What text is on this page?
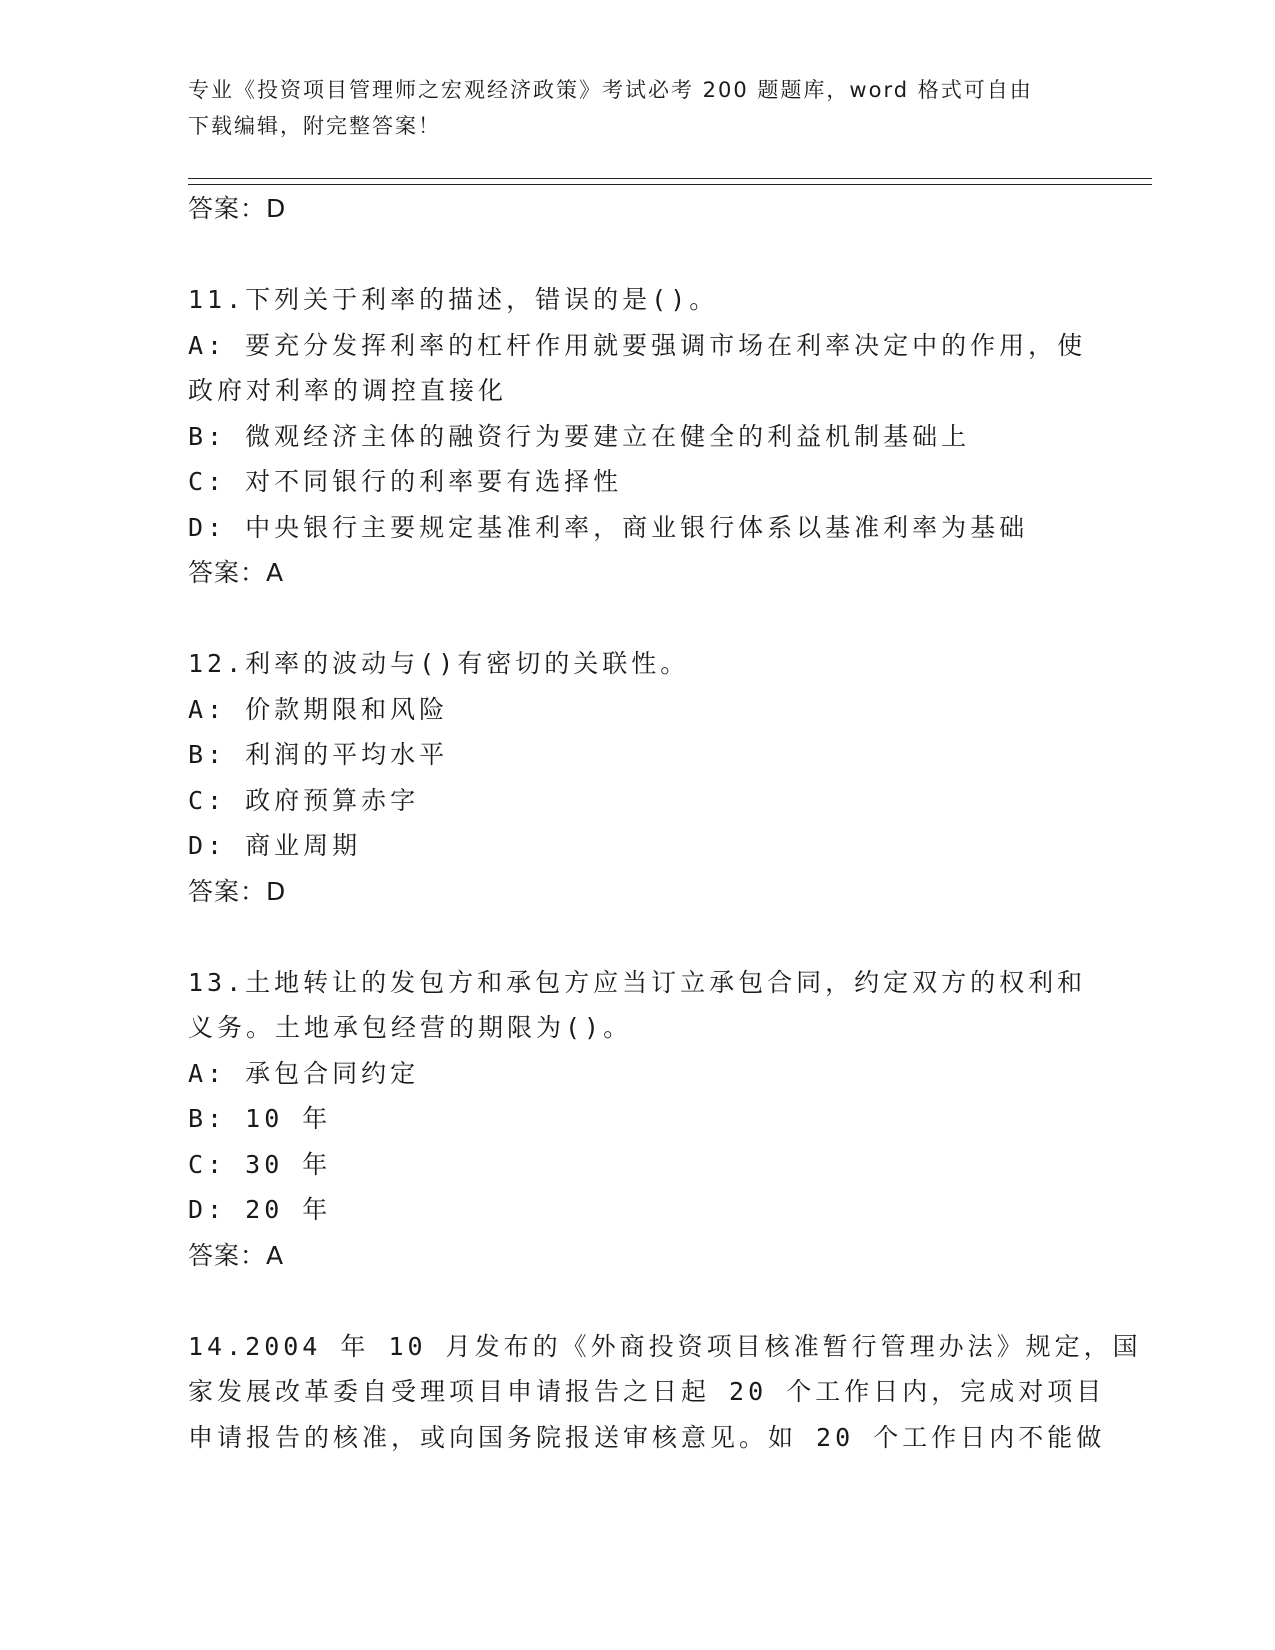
专业《投资项目管理师之宏观经济政策》考试必考 200 题题库，word 格式可自由
下载编辑，附完整答案！
答案：D
11.下列关于利率的描述，错误的是()。
A: 要充分发挥利率的杠杆作用就要强调市场在利率决定中的作用，使
政府对利率的调控直接化
B: 微观经济主体的融资行为要建立在健全的利益机制基础上
C: 对不同银行的利率要有选择性
D: 中央银行主要规定基准利率，商业银行体系以基准利率为基础
答案：A
12.利率的波动与()有密切的关联性。
A: 价款期限和风险
B: 利润的平均水平
C: 政府预算赤字
D: 商业周期
答案：D
13.土地转让的发包方和承包方应当订立承包合同，约定双方的权利和
义务。土地承包经营的期限为()。
A: 承包合同约定
B: 10 年
C: 30 年
D: 20 年
答案：A
14.2004 年 10 月发布的《外商投资项目核准暂行管理办法》规定，国
家发展改革委自受理项目申请报告之日起 20 个工作日内，完成对项目
申请报告的核准，或向国务院报送审核意见。如 20 个工作日内不能做
